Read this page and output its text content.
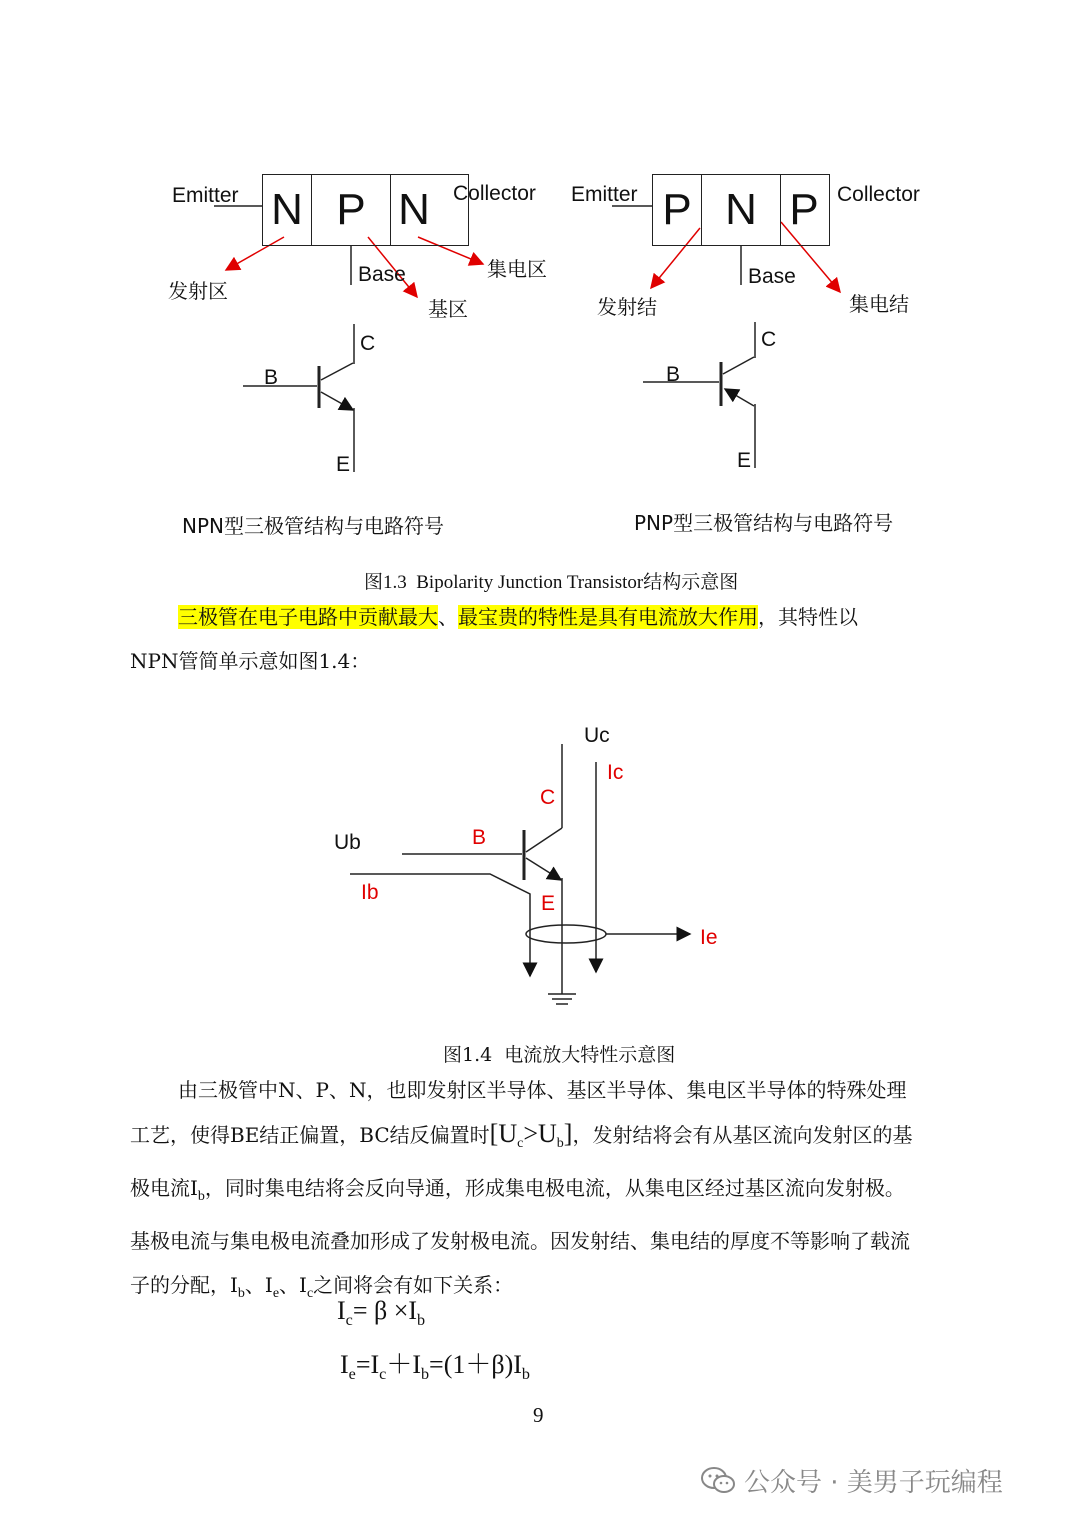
N P N
Emitter	Collector
Base
发射区
基区
集电区
C
B
E
NPN型三极管结构与电路符号
P N P
Emitter	Collector
Base
发射结	集电结
C
B
E
PNP型三极管结构与电路符号
图1.3  Bipolarity Junction Transistor结构示意图
三极管在电子电路中贡献最大、最宝贵的特性是具有电流放大作用，其特性以
NPN管简单示意如图1.4：
Uc
Ic
C
Ub	B
Ib	E
Ie
图1.4  电流放大特性示意图
由三极管中N、P、N，也即发射区半导体、基区半导体、集电区半导体的特殊处理
工艺，使得BE结正偏置，BC结反偏置时$[U_c>U_b]$，发射结将会有从基区流向发射区的基
极电流$I_b$，同时集电结将会反向导通，形成集电极电流，从集电区经过基区流向发射极。
基极电流与集电极电流叠加形成了发射极电流。因发射结、集电结的厚度不等影响了载流
子的分配，$I_b$、$I_e$、$I_c$之间将会有如下关系：
$I_c= \beta \times I_b$
$I_e=I_c+I_b=(1+\beta)I_b$
9
公众号 · 美男子玩编程
